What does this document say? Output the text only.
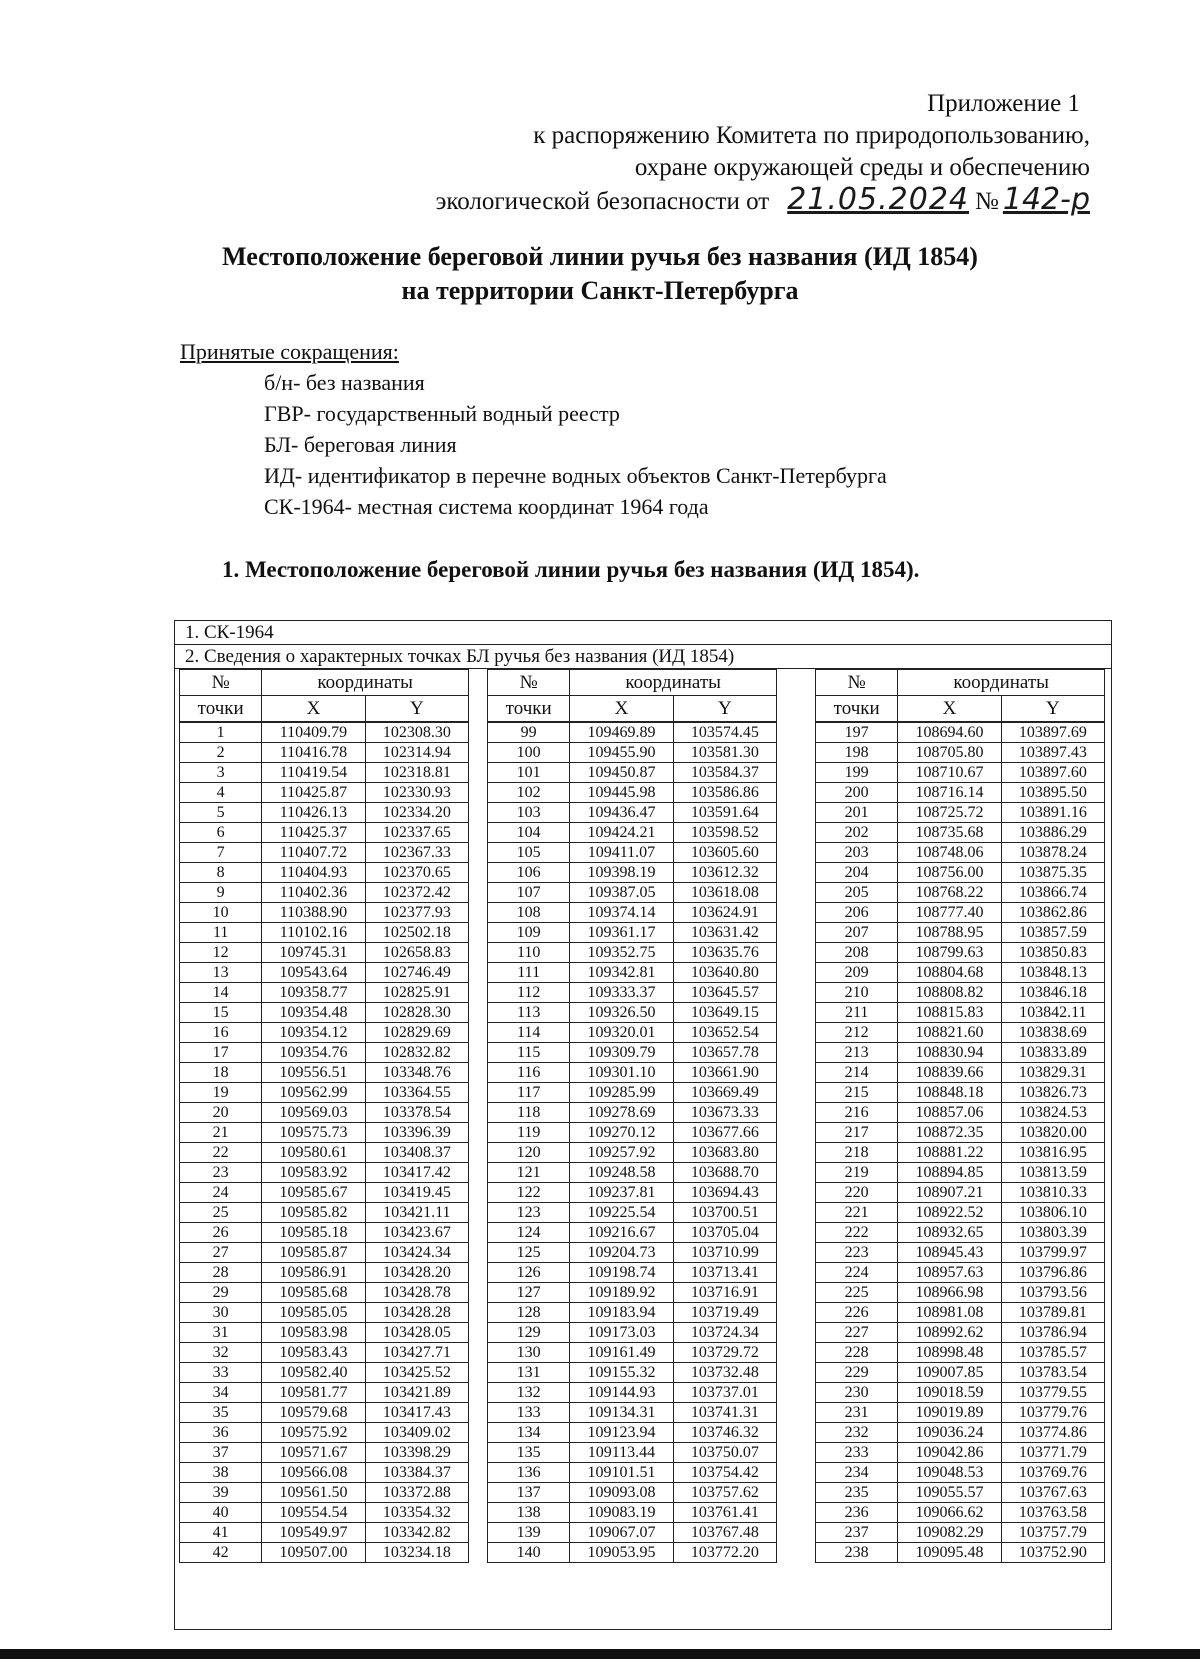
Приложение 1
к распоряжению Комитета по природопользованию,
охране окружающей среды и обеспечению
экологической безопасности от 21.05.2024 № 142-р
Местоположение береговой линии ручья без названия (ИД 1854)
на территории Санкт-Петербурга
Принятые сокращения:
б/н- без названия
ГВР- государственный водный реестр
БЛ- береговая линия
ИД- идентификатор в перечне водных объектов Санкт-Петербурга
СК-1964- местная система координат 1964 года
1. Местоположение береговой линии ручья без названия (ИД 1854).
1. СК-1964
2. Сведения о характерных точках БЛ ручья без названия (ИД 1854)
№	координаты	
точки	X	Y
1	110409.79	102308.30
2	110416.78	102314.94
3	110419.54	102318.81
4	110425.87	102330.93
5	110426.13	102334.20
6	110425.37	102337.65
7	110407.72	102367.33
8	110404.93	102370.65
9	110402.36	102372.42
10	110388.90	102377.93
11	110102.16	102502.18
12	109745.31	102658.83
13	109543.64	102746.49
14	109358.77	102825.91
15	109354.48	102828.30
16	109354.12	102829.69
17	109354.76	102832.82
18	109556.51	103348.76
19	109562.99	103364.55
20	109569.03	103378.54
21	109575.73	103396.39
22	109580.61	103408.37
23	109583.92	103417.42
24	109585.67	103419.45
25	109585.82	103421.11
26	109585.18	103423.67
27	109585.87	103424.34
28	109586.91	103428.20
29	109585.68	103428.78
30	109585.05	103428.28
31	109583.98	103428.05
32	109583.43	103427.71
33	109582.40	103425.52
34	109581.77	103421.89
35	109579.68	103417.43
36	109575.92	103409.02
37	109571.67	103398.29
38	109566.08	103384.37
39	109561.50	103372.88
40	109554.54	103354.32
41	109549.97	103342.82
42	109507.00	103234.18
№	координаты	
точки	X	Y
99	109469.89	103574.45
100	109455.90	103581.30
101	109450.87	103584.37
102	109445.98	103586.86
103	109436.47	103591.64
104	109424.21	103598.52
105	109411.07	103605.60
106	109398.19	103612.32
107	109387.05	103618.08
108	109374.14	103624.91
109	109361.17	103631.42
110	109352.75	103635.76
111	109342.81	103640.80
112	109333.37	103645.57
113	109326.50	103649.15
114	109320.01	103652.54
115	109309.79	103657.78
116	109301.10	103661.90
117	109285.99	103669.49
118	109278.69	103673.33
119	109270.12	103677.66
120	109257.92	103683.80
121	109248.58	103688.70
122	109237.81	103694.43
123	109225.54	103700.51
124	109216.67	103705.04
125	109204.73	103710.99
126	109198.74	103713.41
127	109189.92	103716.91
128	109183.94	103719.49
129	109173.03	103724.34
130	109161.49	103729.72
131	109155.32	103732.48
132	109144.93	103737.01
133	109134.31	103741.31
134	109123.94	103746.32
135	109113.44	103750.07
136	109101.51	103754.42
137	109093.08	103757.62
138	109083.19	103761.41
139	109067.07	103767.48
140	109053.95	103772.20
№	координаты	
точки	X	Y
197	108694.60	103897.69
198	108705.80	103897.43
199	108710.67	103897.60
200	108716.14	103895.50
201	108725.72	103891.16
202	108735.68	103886.29
203	108748.06	103878.24
204	108756.00	103875.35
205	108768.22	103866.74
206	108777.40	103862.86
207	108788.95	103857.59
208	108799.63	103850.83
209	108804.68	103848.13
210	108808.82	103846.18
211	108815.83	103842.11
212	108821.60	103838.69
213	108830.94	103833.89
214	108839.66	103829.31
215	108848.18	103826.73
216	108857.06	103824.53
217	108872.35	103820.00
218	108881.22	103816.95
219	108894.85	103813.59
220	108907.21	103810.33
221	108922.52	103806.10
222	108932.65	103803.39
223	108945.43	103799.97
224	108957.63	103796.86
225	108966.98	103793.56
226	108981.08	103789.81
227	108992.62	103786.94
228	108998.48	103785.57
229	109007.85	103783.54
230	109018.59	103779.55
231	109019.89	103779.76
232	109036.24	103774.86
233	109042.86	103771.79
234	109048.53	103769.76
235	109055.57	103767.63
236	109066.62	103763.58
237	109082.29	103757.79
238	109095.48	103752.90
